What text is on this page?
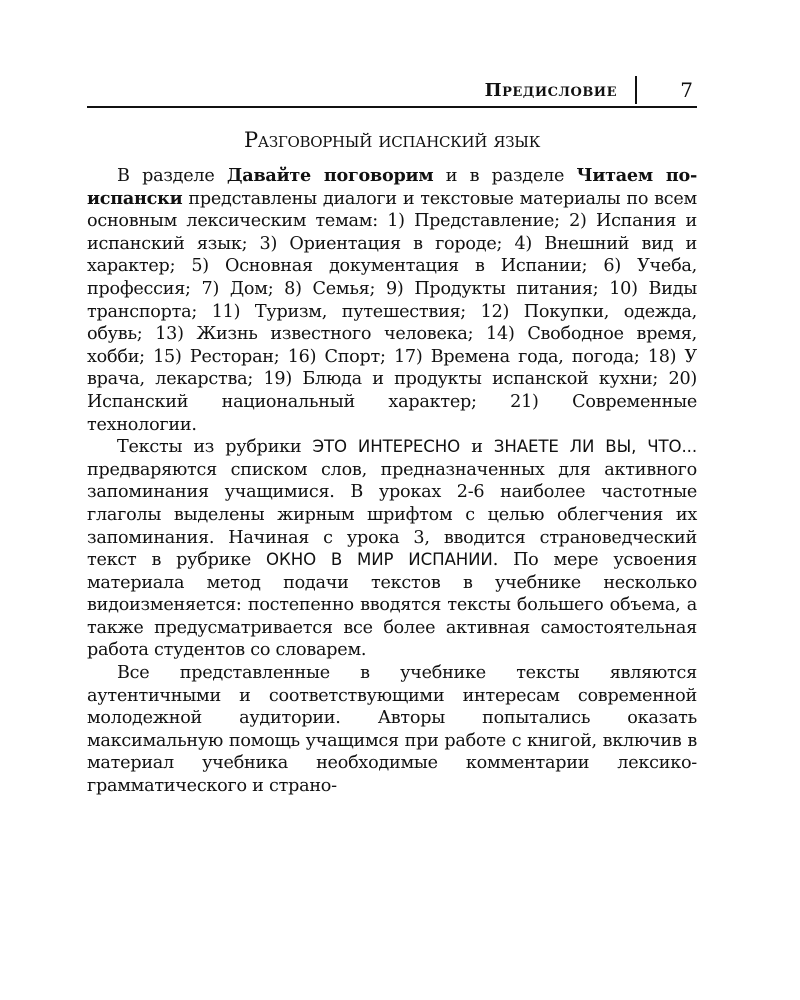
Предисловие	7
Разговорный испанский язык

В разделе Давайте поговорим и в разделе Читаем по-испански представлены диалоги и текстовые материалы по всем основным лексическим темам: 1) Представление; 2) Испания и испанский язык; 3) Ориентация в городе; 4) Внешний вид и характер; 5) Основная документация в Испании; 6) Учеба, профессия; 7) Дом; 8) Семья; 9) Продукты питания; 10) Виды транспорта; 11) Туризм, путешествия; 12) Покупки, одежда, обувь; 13) Жизнь известного человека; 14) Свободное время, хобби; 15) Ресторан; 16) Спорт; 17) Времена года, погода; 18) У врача, лекарства; 19) Блюда и продукты испанской кухни; 20) Испанский национальный характер; 21) Современные технологии.

Тексты из рубрики ЭТО ИНТЕРЕСНО и ЗНАЕТЕ ЛИ ВЫ, ЧТО... предваряются списком слов, предназначенных для активного запоминания учащимися. В уроках 2-6 наиболее частотные глаголы выделены жирным шрифтом с целью облегчения их запоминания. Начиная с урока 3, вводится страноведческий текст в рубрике ОКНО В МИР ИСПАНИИ. По мере усвоения материала метод подачи текстов в учебнике несколько видоизменяется: постепенно вводятся тексты большего объема, а также предусматривается все более активная самостоятельная работа студентов со словарем.

Все представленные в учебнике тексты являются аутентичными и соответствующими интересам современной молодежной аудитории. Авторы попытались оказать максимальную помощь учащимся при работе с книгой, включив в материал учебника необходимые комментарии лексико-грамматического и страно-
